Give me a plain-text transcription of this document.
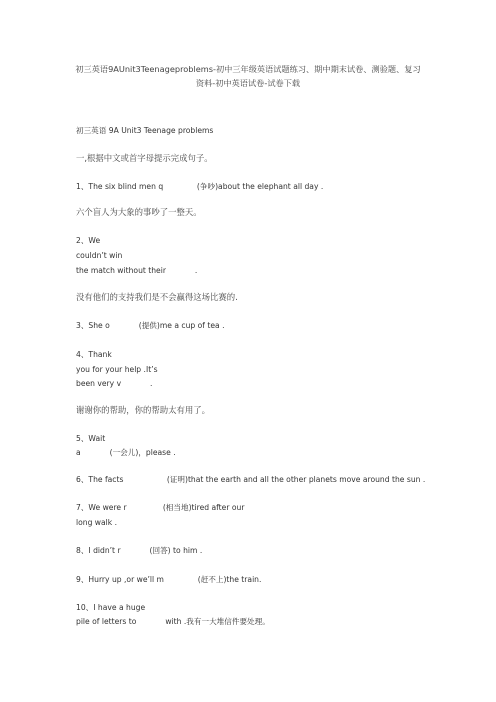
初三英语9AUnit3Teenageproblems-初中三年级英语试题练习、期中期末试卷、测验题、复习
资料-初中英语试卷-试卷下载
初三英语 9A Unit3 Teenage problems
一,根据中文或首字母提示完成句子。
1、The six blind men q              (争吵)about the elephant all day .
六个盲人为大象的事吵了一整天。
2、We
couldn’t win
the match without their            .
没有他们的支持我们是不会赢得这场比赛的.
3、She o            (提供)me a cup of tea .
4、Thank
you for your help .It’s
been very v            .
谢谢你的帮助，你的帮助太有用了。
5、Wait
a            (一会儿)，please .
6、The facts                  (证明)that the earth and all the other planets move around the sun .
7、We were r               (相当地)tired after our
long walk .
8、I didn’t r            (回答) to him .
9、Hurry up ,or we’ll m              (赶不上)the train.
10、I have a huge
pile of letters to            with .我有一大堆信件要处理。
